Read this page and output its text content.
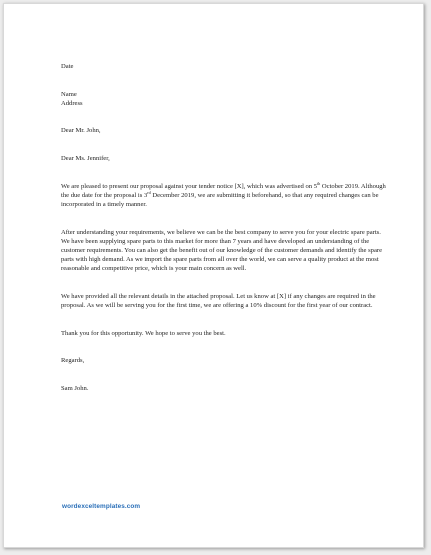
Date

Name

Address

Dear Mr. John,

Dear Ms. Jennifer,

We are pleased to present our proposal against your tender notice [X], which was advertised on 5th October 2019. Although the due date for the proposal is 3rd December 2019, we are submitting it beforehand, so that any required changes can be incorporated in a timely manner.

After understanding your requirements, we believe we can be the best company to serve you for your electric spare parts. We have been supplying spare parts to this market for more than 7 years and have developed an understanding of the customer requirements. You can also get the benefit out of our knowledge of the customer demands and identify the spare parts with high demand. As we import the spare parts from all over the world, we can serve a quality product at the most reasonable and competitive price, which is your main concern as well.

We have provided all the relevant details in the attached proposal. Let us know at [X] if any changes are required in the proposal. As we will be serving you for the first time, we are offering a 10% discount for the first year of our contract.

Thank you for this opportunity. We hope to serve you the best.

Regards,

Sam John.

wordexceltemplates.com
